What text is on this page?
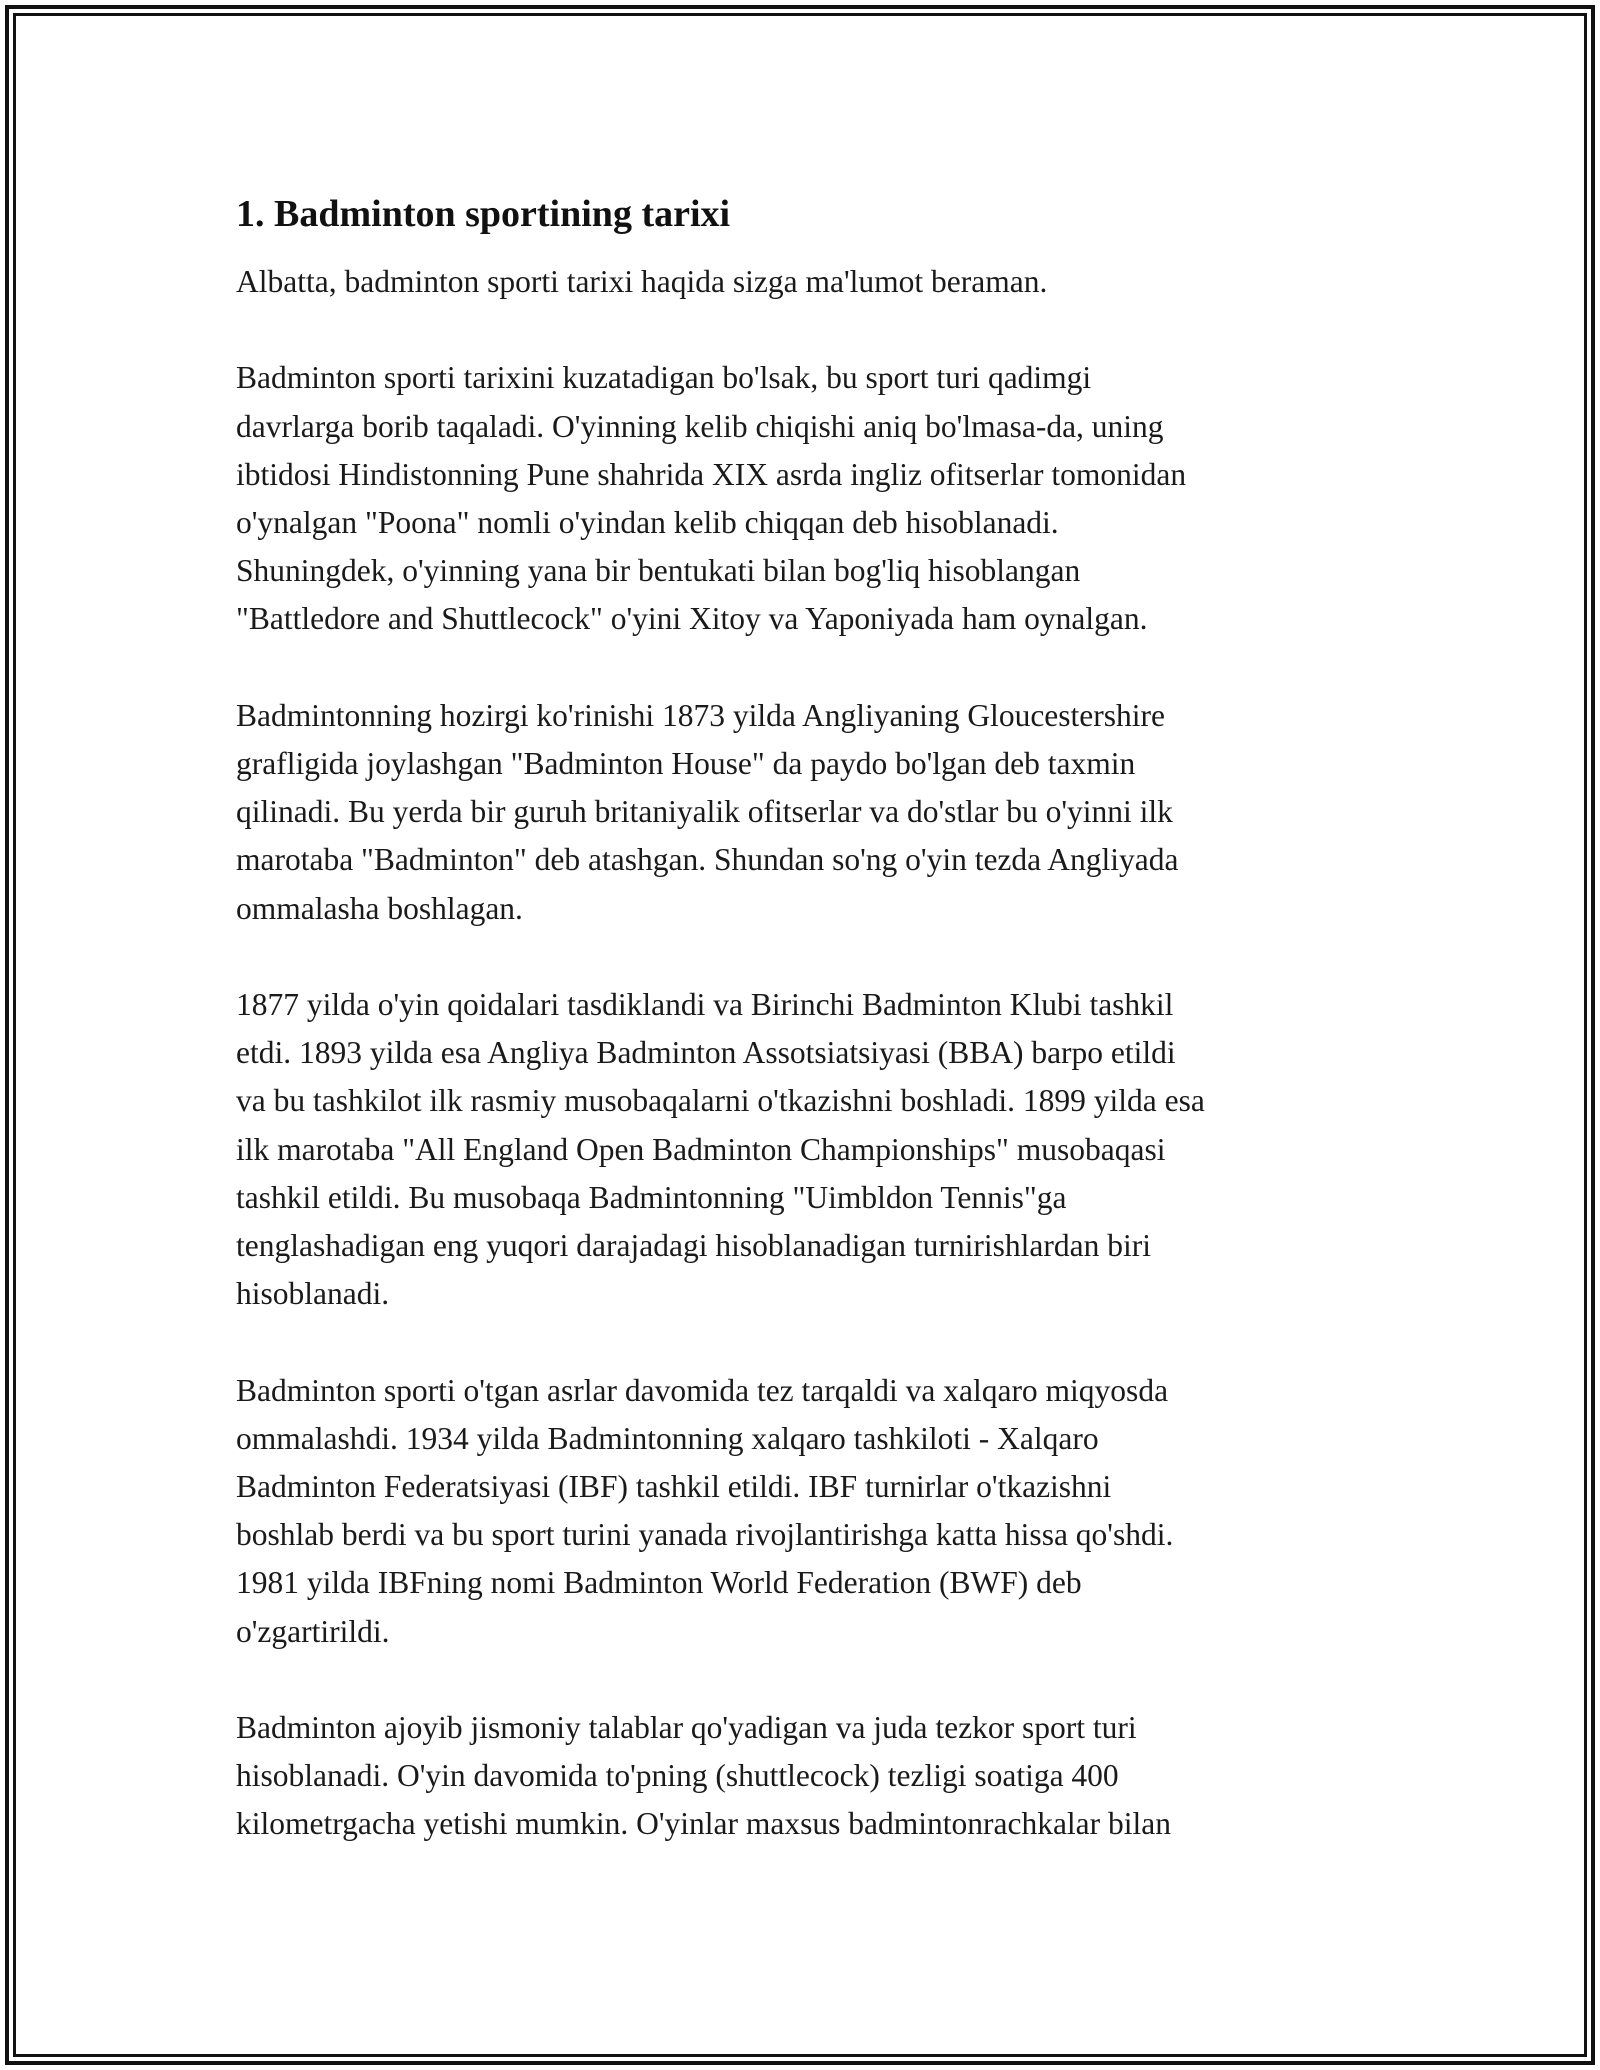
1. Badminton sportining tarixi

Albatta, badminton sporti tarixi haqida sizga ma'lumot beraman.

Badminton sporti tarixini kuzatadigan bo'lsak, bu sport turi qadimgi
davrlarga borib taqaladi. O'yinning kelib chiqishi aniq bo'lmasa-da, uning
ibtidosi Hindistonning Pune shahrida XIX asrda ingliz ofitserlar tomonidan
o'ynalgan "Poona" nomli o'yindan kelib chiqqan deb hisoblanadi.
Shuningdek, o'yinning yana bir bentukati bilan bog'liq hisoblangan
"Battledore and Shuttlecock" o'yini Xitoy va Yaponiyada ham oynalgan.

Badmintonning hozirgi ko'rinishi 1873 yilda Angliyaning Gloucestershire
grafligida joylashgan "Badminton House" da paydo bo'lgan deb taxmin
qilinadi. Bu yerda bir guruh britaniyalik ofitserlar va do'stlar bu o'yinni ilk
marotaba "Badminton" deb atashgan. Shundan so'ng o'yin tezda Angliyada
ommalasha boshlagan.

1877 yilda o'yin qoidalari tasdiklandi va Birinchi Badminton Klubi tashkil
etdi. 1893 yilda esa Angliya Badminton Assotsiatsiyasi (BBA) barpo etildi
va bu tashkilot ilk rasmiy musobaqalarni o'tkazishni boshladi. 1899 yilda esa
ilk marotaba "All England Open Badminton Championships" musobaqasi
tashkil etildi. Bu musobaqa Badmintonning "Uimbldon Tennis"ga
tenglashadigan eng yuqori darajadagi hisoblanadigan turnirishlardan biri
hisoblanadi.

Badminton sporti o'tgan asrlar davomida tez tarqaldi va xalqaro miqyosda
ommalashdi. 1934 yilda Badmintonning xalqaro tashkiloti - Xalqaro
Badminton Federatsiyasi (IBF) tashkil etildi. IBF turnirlar o'tkazishni
boshlab berdi va bu sport turini yanada rivojlantirishga katta hissa qo'shdi.
1981 yilda IBFning nomi Badminton World Federation (BWF) deb
o'zgartirildi.

Badminton ajoyib jismoniy talablar qo'yadigan va juda tezkor sport turi
hisoblanadi. O'yin davomida to'pning (shuttlecock) tezligi soatiga 400
kilometrgacha yetishi mumkin. O'yinlar maxsus badmintonrachkalar bilan
